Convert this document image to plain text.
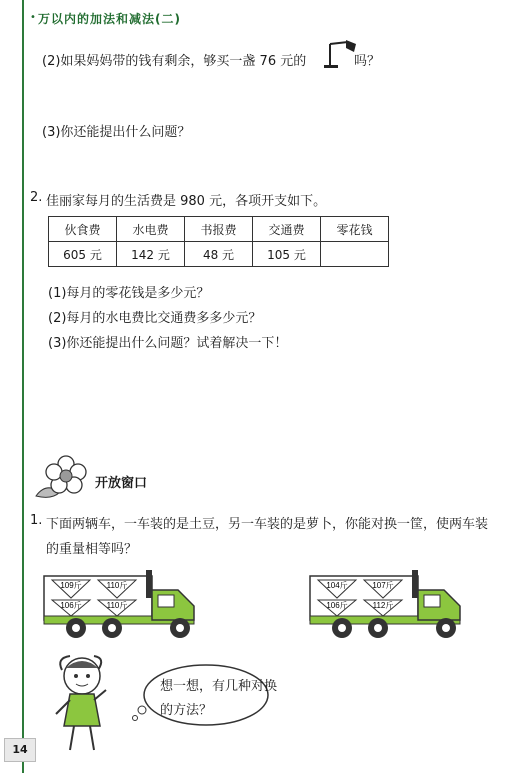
• 万以内的加法和减法(二)
(2)如果妈妈带的钱有剩余，够买一盏 76 元的	吗？
(3)你还能提出什么问题？
2. 佳丽家每月的生活费是 980 元，各项开支如下。
伙食费	水电费	书报费	交通费	零花钱
605 元	142 元	48 元	105 元	
(1)每月的零花钱是多少元？
(2)每月的水电费比交通费多多少元？
(3)你还能提出什么问题？试着解决一下！
开放窗口
1. 下面两辆车，一车装的是土豆，另一车装的是萝卜，你能对换一筐，使两车装
的重量相等吗？
109斤	110斤
106斤	110斤
104斤	107斤
106斤	112斤
想一想，有几种对换
的方法？
14
